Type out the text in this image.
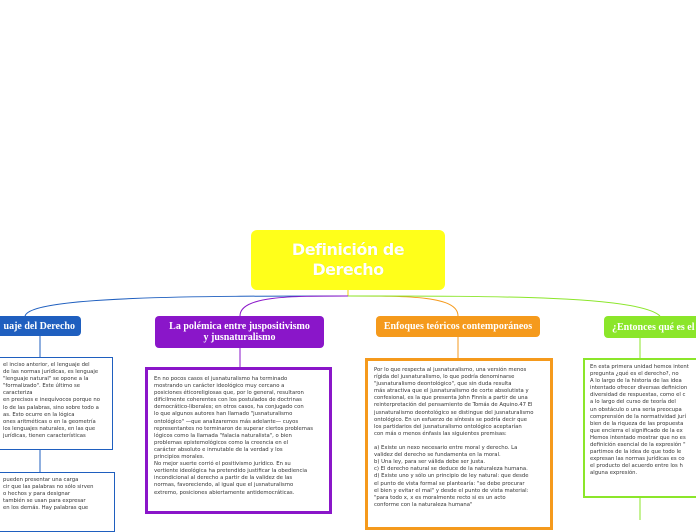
Definición de
Derecho
uaje del Derecho	La polémica entre juspositivismo
y jusnaturalismo
Enfoques teóricos contemporáneos	¿Entonces qué es el
el inciso anterior, el lenguaje del
de las normas jurídicas, es lenguaje
"lenguaje natural" se opone a la
"formalizado". Este último se caracteriza
en precisos e inequívocos porque no
lo de las palabras, sino sobre todo a
as. Esto ocurre en la lógica
ones aritméticas o en la geometría
los lenguajes naturales, en las que
jurídicas, tienen características
pueden presentar una carga
cir que las palabras no sólo sirven
o hechos y para designar
también se usan para expresar
en los demás. Hay palabras que
En no pocos casos el jusnaturalismo ha terminado
mostrando un carácter ideológico muy cercano a
posiciones éticoreligiosas que, por lo general, resultaron
difícilmente coherentes con los postulados de doctrinas
democrático-liberales; en otros casos, ha conjugado con
lo que algunos autores han llamado "jusnaturalismo
ontológico" —que analizaremos más adelante— cuyos
representantes no terminaron de superar ciertos problemas
lógicos como la llamada "falacia naturalista", o bien
problemas epistemológicos como la creencia en el
carácter absoluto e inmutable de la verdad y los
principios morales.
No mejor suerte corrió el positivismo jurídico. En su
vertiente ideológica ha pretendido justificar la obediencia
incondicional al derecho a partir de la validez de las
normas, favoreciendo, al igual que el jusnaturalismo
extremo, posiciones abiertamente antidemocráticas.
Por lo que respecta al jusnaturalismo, una versión menos
rígida del jusnaturalismo, lo que podría denominarse
"jusnaturalismo deontológico", que sin duda resulta
más atractiva que el jusnaturalismo de corte absolutista y
confesional, es la que presenta John Finnis a partir de una
reinterpretación del pensamiento de Tomás de Aquino.47 El
jusnaturalismo deontológico se distingue del jusnaturalismo
ontológico. En un esfuerzo de síntesis se podría decir que
los partidarios del jusnaturalismo ontológico aceptarían
con más o menos énfasis las siguientes premisas:

a) Existe un nexo necesario entre moral y derecho. La
validez del derecho se fundamenta en la moral.
b) Una ley, para ser válida debe ser justa.
c) El derecho natural se deduce de la naturaleza humana.
d) Existe uno y sólo un principio de ley natural: que desde
el punto de vista formal se plantearía: "se debe procurar
el bien y evitar el mal" y desde el punto de vista material:
"para todo x, x es moralmente recto si es un acto
conforme con la naturaleza humana"
En esta primera unidad hemos intent
pregunta ¿qué es el derecho?, no
A lo largo de la historia de las idea
intentado ofrecer diversas definicion
diversidad de respuestas, como el c
a lo largo del curso de teoría del
un obstáculo o una seria preocupa
comprensión de la normatividad jurí
bien de la riqueza de las propuesta
que encierra el significado de la ex
Hemos intentado mostrar que no es
definición esencial de la expresión "
partimos de la idea de que todo le
expresan las normas jurídicas es co
el producto del acuerdo entre los h
alguna expresión.
